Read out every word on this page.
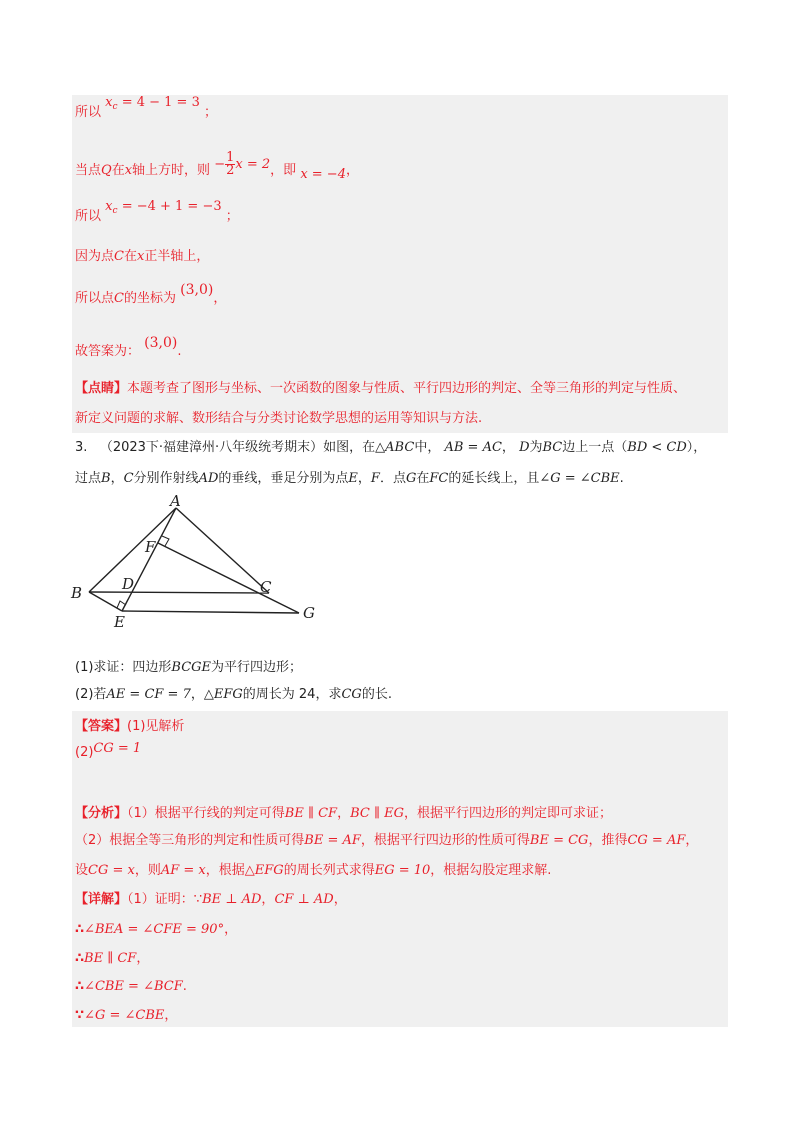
所以 $x_c = 4 - 1 = 3$ ；
当点Q在x轴上方时，则 − $\frac{1}{2}$ x = 2，即 x = −4，
所以 $x_c = -4 + 1 = -3$ ；
因为点C在x正半轴上，
所以点C的坐标为 (3,0)，
故答案为： (3,0).
【点睛】本题考查了图形与坐标、一次函数的图象与性质、平行四边形的判定、全等三角形的判定与性质、
新定义问题的求解、数形结合与分类讨论数学思想的运用等知识与方法.
3. （2023下·福建漳州·八年级统考期末）如图，在△ABC中， AB = AC， D为BC边上一点（BD < CD），
过点B，C分别作射线AD的垂线，垂足分别为点E，F．点G在FC的延长线上，且∠G = ∠CBE.
A
F
D	C
B
E	G
(1)求证：四边形BCGE为平行四边形；
(2)若AE = CF = 7，△EFG的周长为 24，求CG的长.
【答案】(1)见解析
(2)CG = 1
【分析】（1）根据平行线的判定可得BE ∥ CF，BC ∥ EG，根据平行四边形的判定即可求证；
（2）根据全等三角形的判定和性质可得BE = AF，根据平行四边形的性质可得BE = CG，推得CG = AF，
设CG = x，则AF = x，根据△EFG的周长列式求得EG = 10，根据勾股定理求解.
【详解】（1）证明：∵BE ⊥ AD，CF ⊥ AD，
∴∠BEA = ∠CFE = 90°，
∴BE ∥ CF，
∴∠CBE = ∠BCF.
∵∠G = ∠CBE，
